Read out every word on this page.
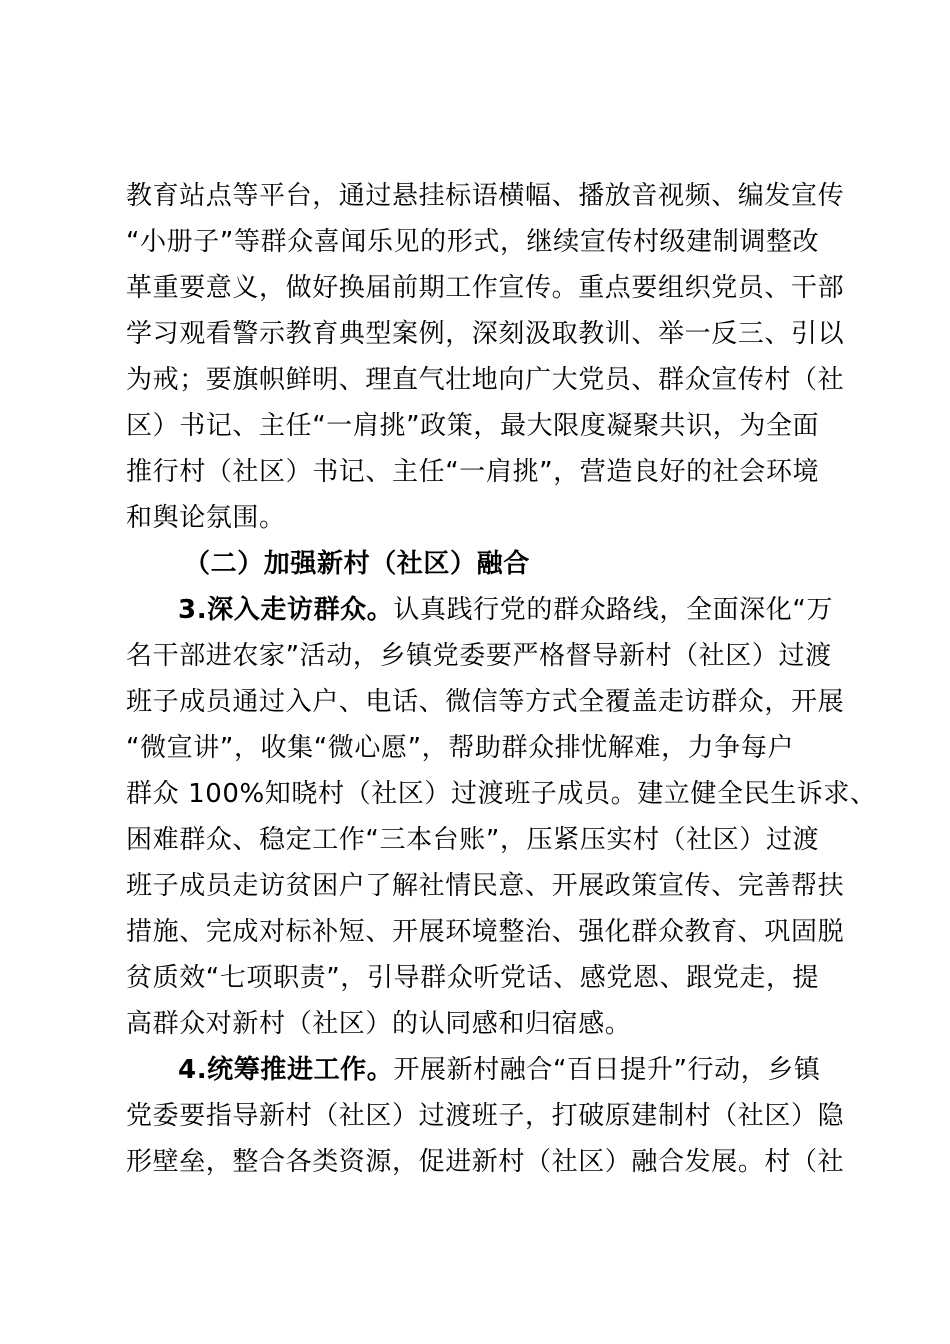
教育站点等平台，通过悬挂标语横幅、播放音视频、编发宣传
“小册子”等群众喜闻乐见的形式，继续宣传村级建制调整改
革重要意义，做好换届前期工作宣传。重点要组织党员、干部
学习观看警示教育典型案例，深刻汲取教训、举一反三、引以
为戒；要旗帜鲜明、理直气壮地向广大党员、群众宣传村（社
区）书记、主任“一肩挑”政策，最大限度凝聚共识，为全面
推行村（社区）书记、主任“一肩挑”，营造良好的社会环境
和舆论氛围。
（二）加强新村（社区）融合
3.深入走访群众。认真践行党的群众路线，全面深化“万
名干部进农家”活动，乡镇党委要严格督导新村（社区）过渡
班子成员通过入户、电话、微信等方式全覆盖走访群众，开展
“微宣讲”，收集“微心愿”，帮助群众排忧解难，力争每户
群众 100%知晓村（社区）过渡班子成员。建立健全民生诉求、
困难群众、稳定工作“三本台账”，压紧压实村（社区）过渡
班子成员走访贫困户了解社情民意、开展政策宣传、完善帮扶
措施、完成对标补短、开展环境整治、强化群众教育、巩固脱
贫质效“七项职责”，引导群众听党话、感党恩、跟党走，提
高群众对新村（社区）的认同感和归宿感。
4.统筹推进工作。开展新村融合“百日提升”行动，乡镇
党委要指导新村（社区）过渡班子，打破原建制村（社区）隐
形壁垒，整合各类资源，促进新村（社区）融合发展。村（社
